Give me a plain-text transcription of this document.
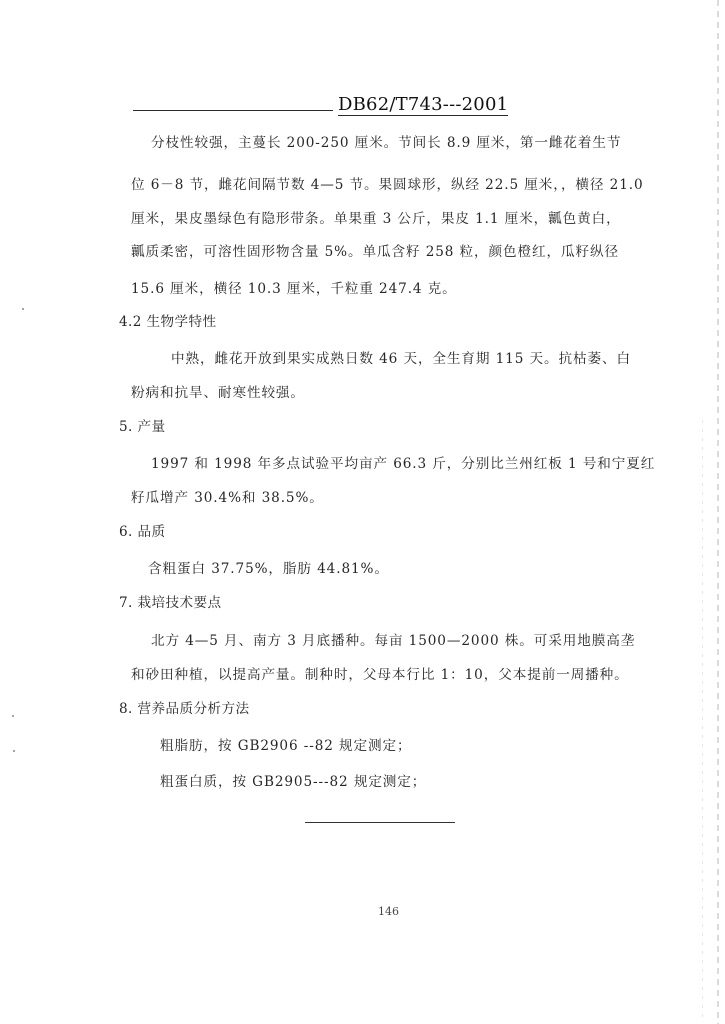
DB62/T743---2001
分枝性较强，主蔓长 200-250 厘米。节间长 8.9 厘米，第一雌花着生节
位 6－8 节，雌花间隔节数 4—5 节。果圆球形，纵经 22.5 厘米，，横径 21.0
厘米，果皮墨绿色有隐形带条。单果重 3 公斤，果皮 1.1 厘米，瓤色黄白，
瓤质柔密，可溶性固形物含量 5%。单瓜含籽 258 粒，颜色橙红，瓜籽纵径
15.6 厘米，横径 10.3 厘米，千粒重 247.4 克。
4.2 生物学特性
中熟，雌花开放到果实成熟日数 46 天，全生育期 115 天。抗枯萎、白
粉病和抗旱、耐寒性较强。
5. 产量
1997 和 1998 年多点试验平均亩产 66.3 斤，分别比兰州红板 1 号和宁夏红
籽瓜增产 30.4%和 38.5%。
6. 品质
含粗蛋白 37.75%，脂肪 44.81%。
7. 栽培技术要点
北方 4—5 月、南方 3 月底播种。每亩 1500—2000 株。可采用地膜高垄
和砂田种植，以提高产量。制种时，父母本行比 1：10，父本提前一周播种。
8. 营养品质分析方法
粗脂肪，按 GB2906 --82 规定测定；
粗蛋白质，按 GB2905---82 规定测定；
146
